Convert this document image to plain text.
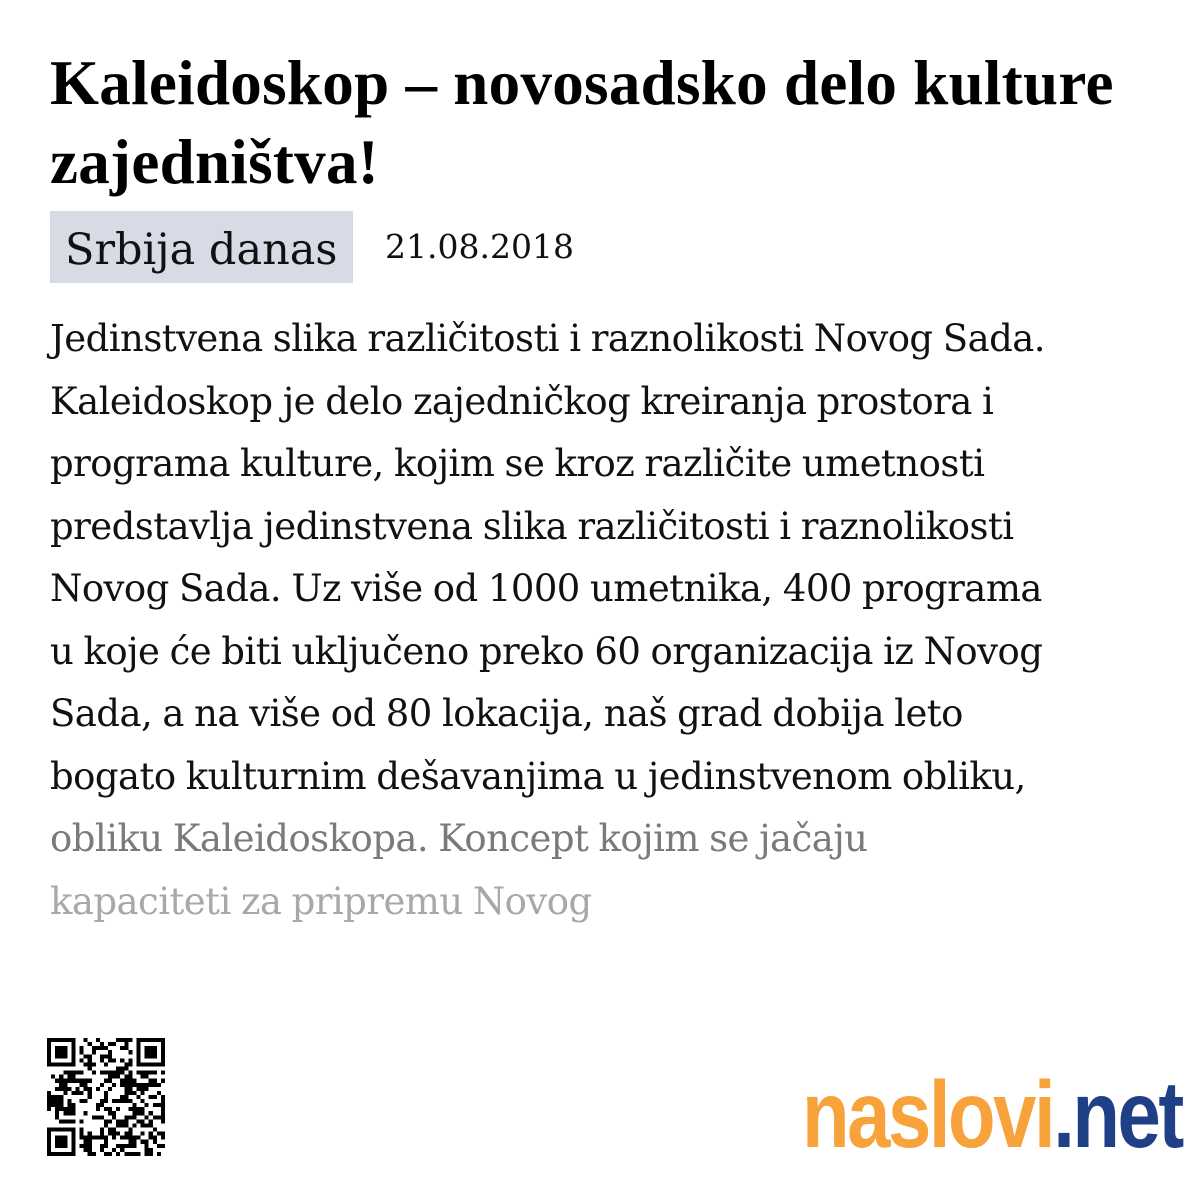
Kaleidoskop – novosadsko delo kulture zajedništva!
Srbija danas	21.08.2018
Jedinstvena slika različitosti i raznolikosti Novog Sada.
Kaleidoskop je delo zajedničkog kreiranja prostora i
programa kulture, kojim se kroz različite umetnosti
predstavlja jedinstvena slika različitosti i raznolikosti
Novog Sada. Uz više od 1000 umetnika, 400 programa
u koje će biti uključeno preko 60 organizacija iz Novog
Sada, a na više od 80 lokacija, naš grad dobija leto
bogato kulturnim dešavanjima u jedinstvenom obliku,
obliku Kaleidoskopa. Koncept kojim se jačaju
kapaciteti za pripremu Novog
naslovi.net
